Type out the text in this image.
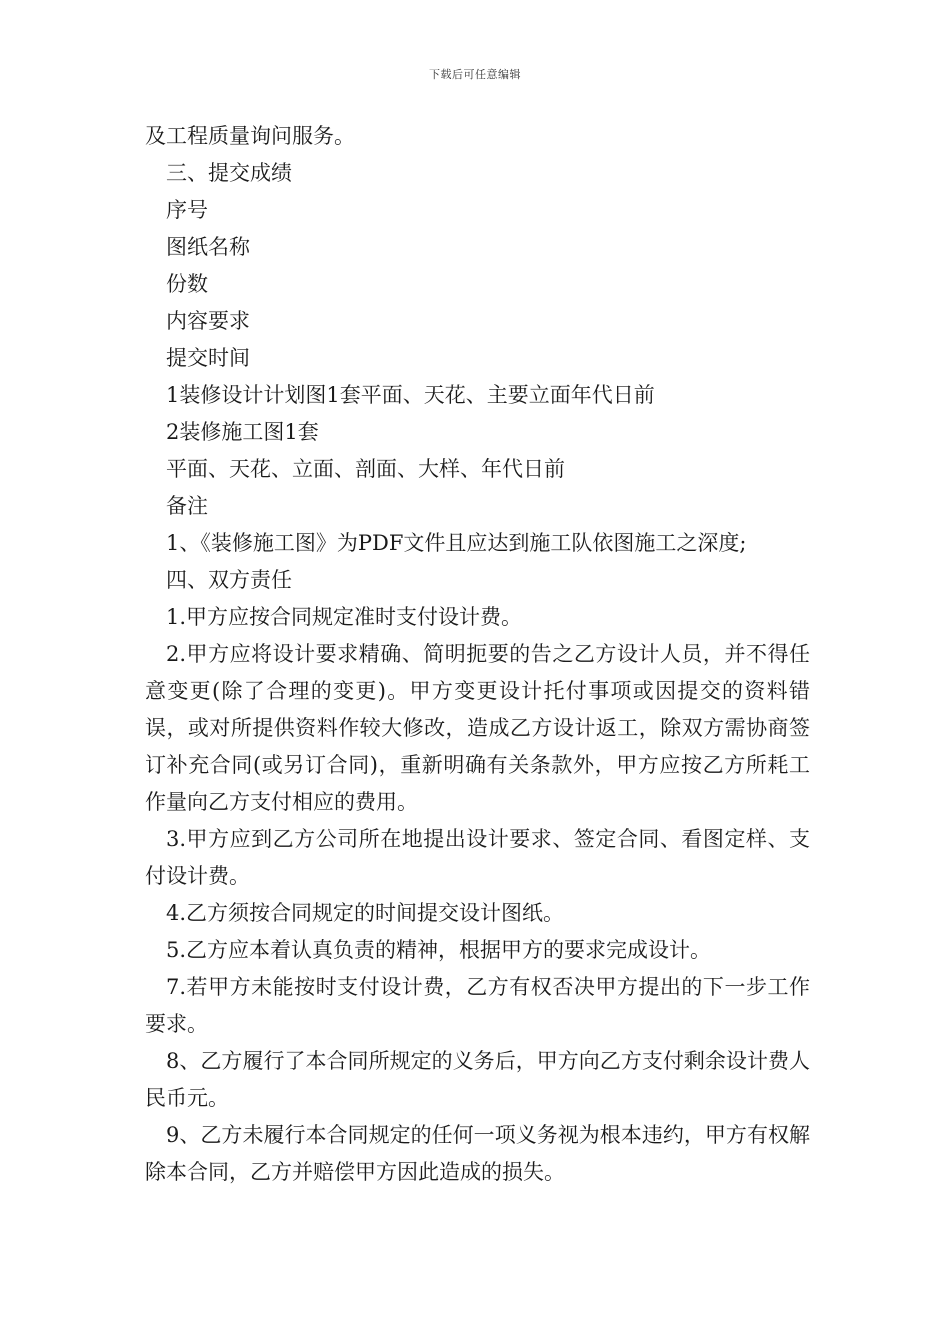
下载后可任意编辑
及工程质量询问服务。
三、提交成绩
序号
图纸名称
份数
内容要求
提交时间
1装修设计计划图1套平面、天花、主要立面年代日前
2装修施工图1套
平面、天花、立面、剖面、大样、年代日前
备注
1、《装修施工图》为PDF文件且应达到施工队依图施工之深度;
四、双方责任
1.甲方应按合同规定准时支付设计费。
2.甲方应将设计要求精确、简明扼要的告之乙方设计人员，并不得任意变更(除了合理的变更)。甲方变更设计托付事项或因提交的资料错误，或对所提供资料作较大修改，造成乙方设计返工，除双方需协商签订补充合同(或另订合同)，重新明确有关条款外，甲方应按乙方所耗工作量向乙方支付相应的费用。
3.甲方应到乙方公司所在地提出设计要求、签定合同、看图定样、支付设计费。
4.乙方须按合同规定的时间提交设计图纸。
5.乙方应本着认真负责的精神，根据甲方的要求完成设计。
7.若甲方未能按时支付设计费，乙方有权否决甲方提出的下一步工作要求。
8、乙方履行了本合同所规定的义务后，甲方向乙方支付剩余设计费人民币元。
9、乙方未履行本合同规定的任何一项义务视为根本违约，甲方有权解除本合同，乙方并赔偿甲方因此造成的损失。
